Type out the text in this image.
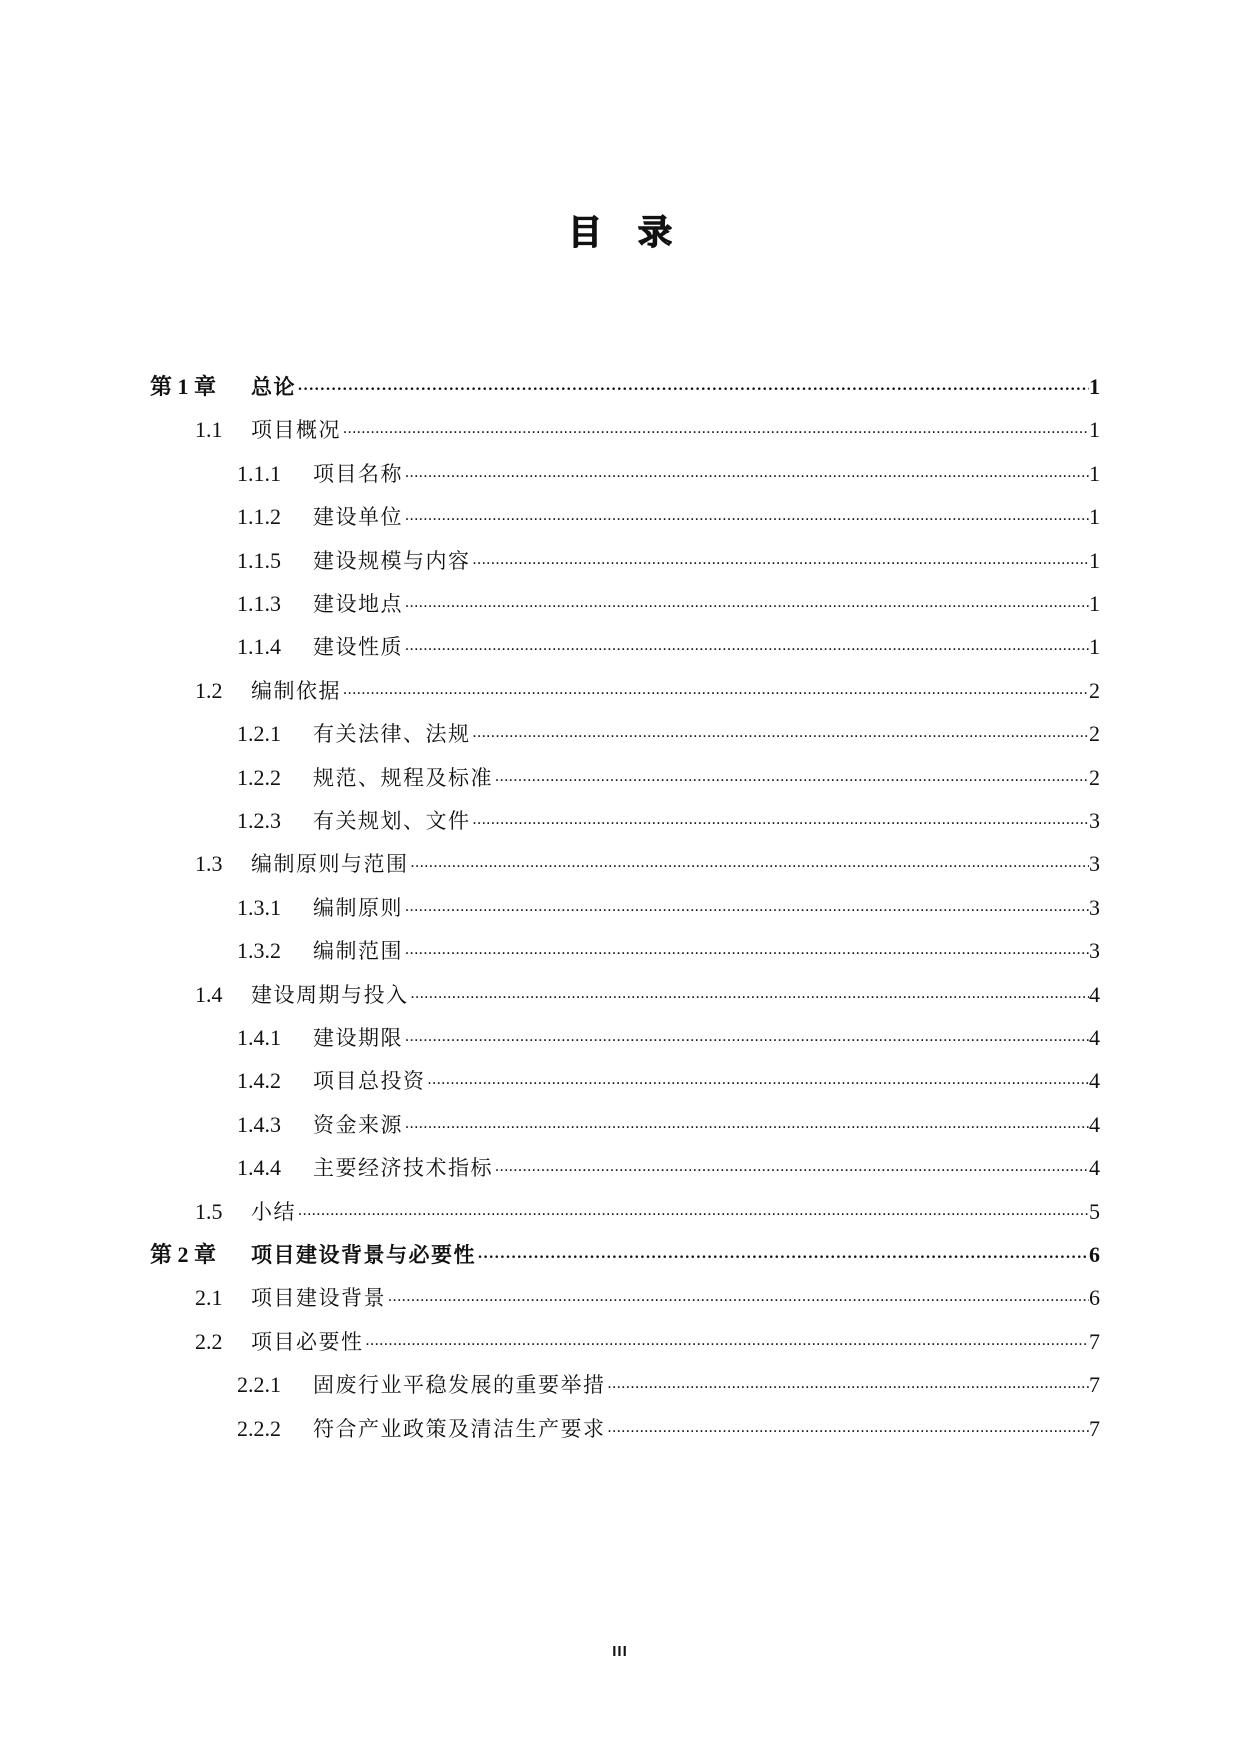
目录
第 1 章 总论 . . .	1
1.1 项目概况 . . .	1
1.1.1 项目名称 . . .	1
1.1.2 建设单位 . . .	1
1.1.5 建设规模与内容 . . .	1
1.1.3 建设地点 . . .	1
1.1.4 建设性质 . . .	1
1.2 编制依据 . . .	2
1.2.1 有关法律、法规 . . .	2
1.2.2 规范、规程及标准 . . .	2
1.2.3 有关规划、文件 . . .	3
1.3 编制原则与范围 . . .	3
1.3.1 编制原则 . . .	3
1.3.2 编制范围 . . .	3
1.4 建设周期与投入 . . .	4
1.4.1 建设期限 . . .	4
1.4.2 项目总投资 . . .	4
1.4.3 资金来源 . . .	4
1.4.4 主要经济技术指标 . . .	4
1.5 小结 . . .	5
第 2 章 项目建设背景与必要性 . . .	6
2.1 项目建设背景 . . .	6
2.2 项目必要性 . . .	7
2.2.1 固废行业平稳发展的重要举措 . . .	7
2.2.2 符合产业政策及清洁生产要求 . . .	7
III
